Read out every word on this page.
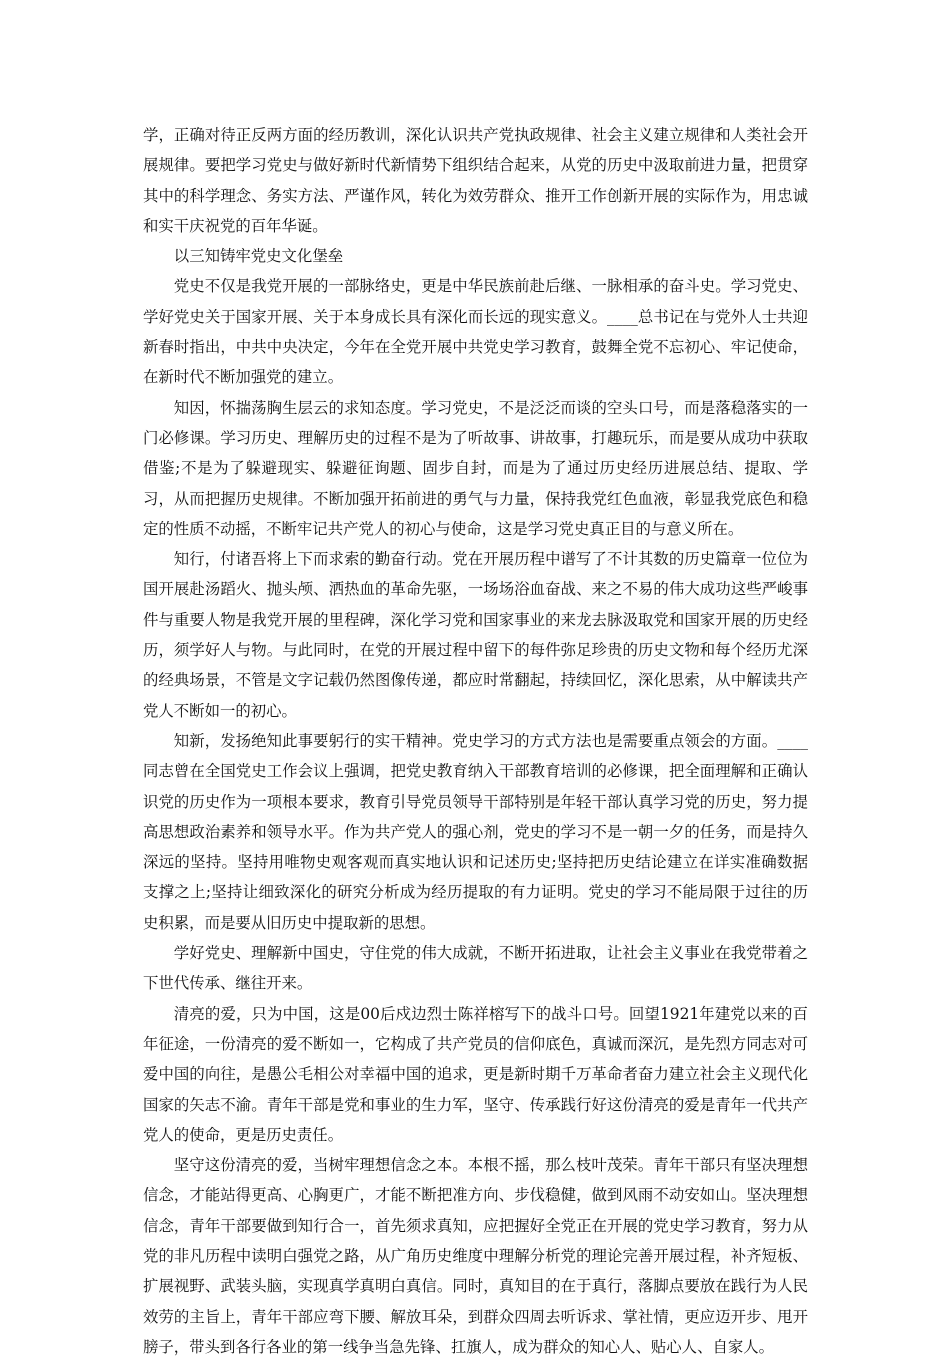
学，正确对待正反两方面的经历教训，深化认识共产党执政规律、社会主义建立规律和人类社会开展规律。要把学习党史与做好新时代新情势下组织结合起来，从党的历史中汲取前进力量，把贯穿其中的科学理念、务实方法、严谨作风，转化为效劳群众、推开工作创新开展的实际作为，用忠诚和实干庆祝党的百年华诞。

以三知铸牢党史文化堡垒

党史不仅是我党开展的一部脉络史，更是中华民族前赴后继、一脉相承的奋斗史。学习党史、学好党史关于国家开展、关于本身成长具有深化而长远的现实意义。____总书记在与党外人士共迎新春时指出，中共中央决定，今年在全党开展中共党史学习教育，鼓舞全党不忘初心、牢记使命，在新时代不断加强党的建立。

知因，怀揣荡胸生层云的求知态度。学习党史，不是泛泛而谈的空头口号，而是落稳落实的一门必修课。学习历史、理解历史的过程不是为了听故事、讲故事，打趣玩乐，而是要从成功中获取借鉴;不是为了躲避现实、躲避征询题、固步自封，而是为了通过历史经历进展总结、提取、学习，从而把握历史规律。不断加强开拓前进的勇气与力量，保持我党红色血液，彰显我党底色和稳定的性质不动摇，不断牢记共产党人的初心与使命，这是学习党史真正目的与意义所在。

知行，付诸吾将上下而求索的勤奋行动。党在开展历程中谱写了不计其数的历史篇章一位位为国开展赴汤蹈火、抛头颅、洒热血的革命先驱，一场场浴血奋战、来之不易的伟大成功这些严峻事件与重要人物是我党开展的里程碑，深化学习党和国家事业的来龙去脉汲取党和国家开展的历史经历，须学好人与物。与此同时，在党的开展过程中留下的每件弥足珍贵的历史文物和每个经历尤深的经典场景，不管是文字记载仍然图像传递，都应时常翻起，持续回忆，深化思索，从中解读共产党人不断如一的初心。

知新，发扬绝知此事要躬行的实干精神。党史学习的方式方法也是需要重点领会的方面。____同志曾在全国党史工作会议上强调，把党史教育纳入干部教育培训的必修课，把全面理解和正确认识党的历史作为一项根本要求，教育引导党员领导干部特别是年轻干部认真学习党的历史，努力提高思想政治素养和领导水平。作为共产党人的强心剂，党史的学习不是一朝一夕的任务，而是持久深远的坚持。坚持用唯物史观客观而真实地认识和记述历史;坚持把历史结论建立在详实准确数据支撑之上;坚持让细致深化的研究分析成为经历提取的有力证明。党史的学习不能局限于过往的历史积累，而是要从旧历史中提取新的思想。

学好党史、理解新中国史，守住党的伟大成就，不断开拓进取，让社会主义事业在我党带着之下世代传承、继往开来。

清亮的爱，只为中国，这是00后戍边烈士陈祥榕写下的战斗口号。回望1921年建党以来的百年征途，一份清亮的爱不断如一，它构成了共产党员的信仰底色，真诚而深沉，是先烈方同志对可爱中国的向往，是愚公毛相公对幸福中国的追求，更是新时期千万革命者奋力建立社会主义现代化国家的矢志不渝。青年干部是党和事业的生力军，坚守、传承践行好这份清亮的爱是青年一代共产党人的使命，更是历史责任。

坚守这份清亮的爱，当树牢理想信念之本。本根不摇，那么枝叶茂荣。青年干部只有坚决理想信念，才能站得更高、心胸更广，才能不断把准方向、步伐稳健，做到风雨不动安如山。坚决理想信念，青年干部要做到知行合一，首先须求真知，应把握好全党正在开展的党史学习教育，努力从党的非凡历程中读明白强党之路，从广角历史维度中理解分析党的理论完善开展过程，补齐短板、扩展视野、武装头脑，实现真学真明白真信。同时，真知目的在于真行，落脚点要放在践行为人民效劳的主旨上，青年干部应弯下腰、解放耳朵，到群众四周去听诉求、掌社情，更应迈开步、甩开膀子，带头到各行各业的第一线争当急先锋、扛旗人，成为群众的知心人、贴心人、自家人。
